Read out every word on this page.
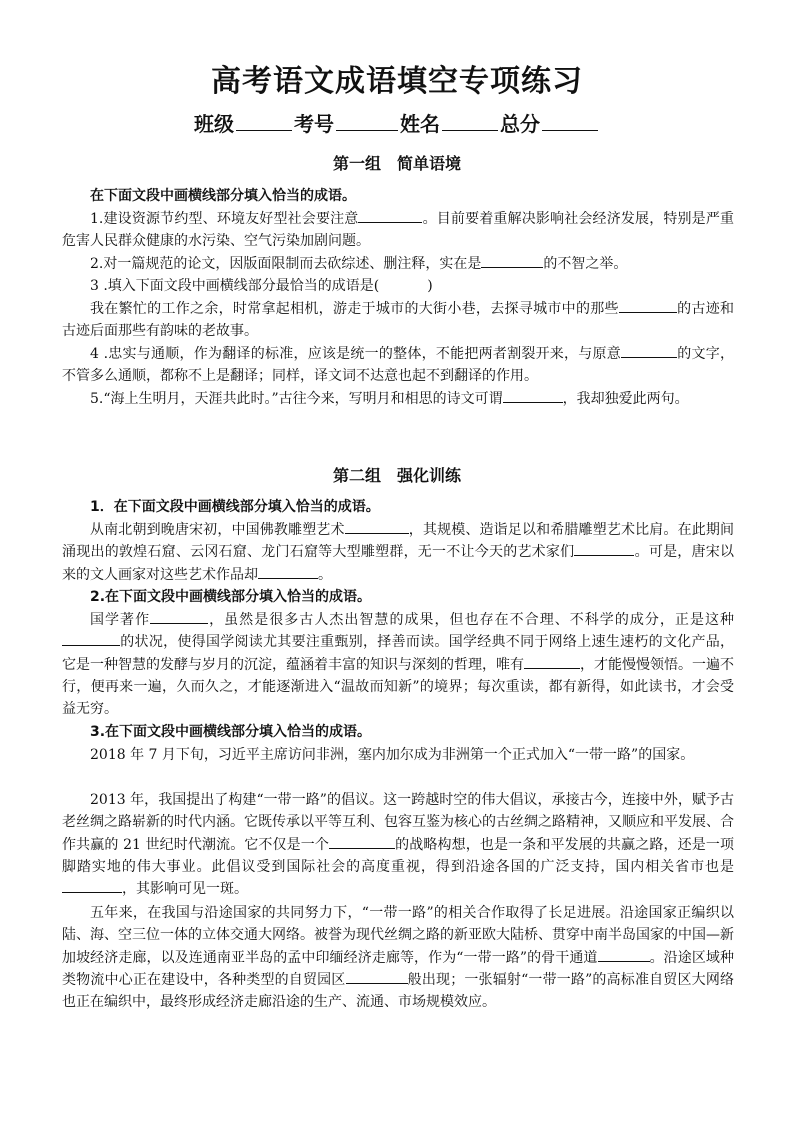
高考语文成语填空专项练习
班级	考号	姓名	总分
第一组　简单语境
在下面文段中画横线部分填入恰当的成语。

1.建设资源节约型、环境友好型社会要注意	。目前要着重解决影响社会经济发展，特别是严重危害人民群众健康的水污染、空气污染加剧问题。

2.对一篇规范的论文，因版面限制而去砍综述、删注释，实在是	的不智之举。

3 .填入下面文段中画横线部分最恰当的成语是(	)

我在繁忙的工作之余，时常拿起相机，游走于城市的大街小巷，去探寻城市中的那些	的古迹和古迹后面那些有韵味的老故事。

4 .忠实与通顺，作为翻译的标准，应该是统一的整体，不能把两者割裂开来，与原意	的文字，不管多么通顺，都称不上是翻译；同样，译文词不达意也起不到翻译的作用。

5.“海上生明月，天涯共此时。”古往今来，写明月和相思的诗文可谓	，我却独爱此两句。

第二组　强化训练
1．在下面文段中画横线部分填入恰当的成语。

从南北朝到晚唐宋初，中国佛教雕塑艺术	，其规模、造诣足以和希腊雕塑艺术比肩。在此期间涌现出的敦煌石窟、云冈石窟、龙门石窟等大型雕塑群，无一不让今天的艺术家们	。可是，唐宋以来的文人画家对这些艺术作品却	。

2.在下面文段中画横线部分填入恰当的成语。

国学著作	，虽然是很多古人杰出智慧的成果，但也存在不合理、不科学的成分，正是这种的状况，使得国学阅读尤其要注重甄别，择善而读。国学经典不同于网络上速生速朽的文化产品，它是一种智慧的发酵与岁月的沉淀，蕴涵着丰富的知识与深刻的哲理，唯有	，才能慢慢领悟。一遍不行，便再来一遍，久而久之，才能逐渐进入“温故而知新”的境界；每次重读，都有新得，如此读书，才会受益无穷。

3.在下面文段中画横线部分填入恰当的成语。

2018 年 7 月下旬，习近平主席访问非洲，塞内加尔成为非洲第一个正式加入“一带一路”的国家。

2013 年，我国提出了构建“一带一路”的倡议。这一跨越时空的伟大倡议，承接古今，连接中外，赋予古老丝绸之路崭新的时代内涵。它既传承以平等互利、包容互鉴为核心的古丝绸之路精神，又顺应和平发展、合作共赢的 21 世纪时代潮流。它不仅是一个	的战略构想，也是一条和平发展的共赢之路，还是一项脚踏实地的伟大事业。此倡议受到国际社会的高度重视，得到沿途各国的广泛支持，国内相关省市也是，其影响可见一斑。

五年来，在我国与沿途国家的共同努力下，“一带一路”的相关合作取得了长足进展。沿途国家正编织以陆、海、空三位一体的立体交通大网络。被誉为现代丝绸之路的新亚欧大陆桥、贯穿中南半岛国家的中国—新加坡经济走廊，以及连通南亚半岛的孟中印缅经济走廊等，作为“一带一路”的骨干通道	。沿途区域种类物流中心正在建设中，各种类型的自贸园区	般出现；一张辐射“一带一路”的高标准自贸区大网络也正在编织中，最终形成经济走廊沿途的生产、流通、市场规模效应。
